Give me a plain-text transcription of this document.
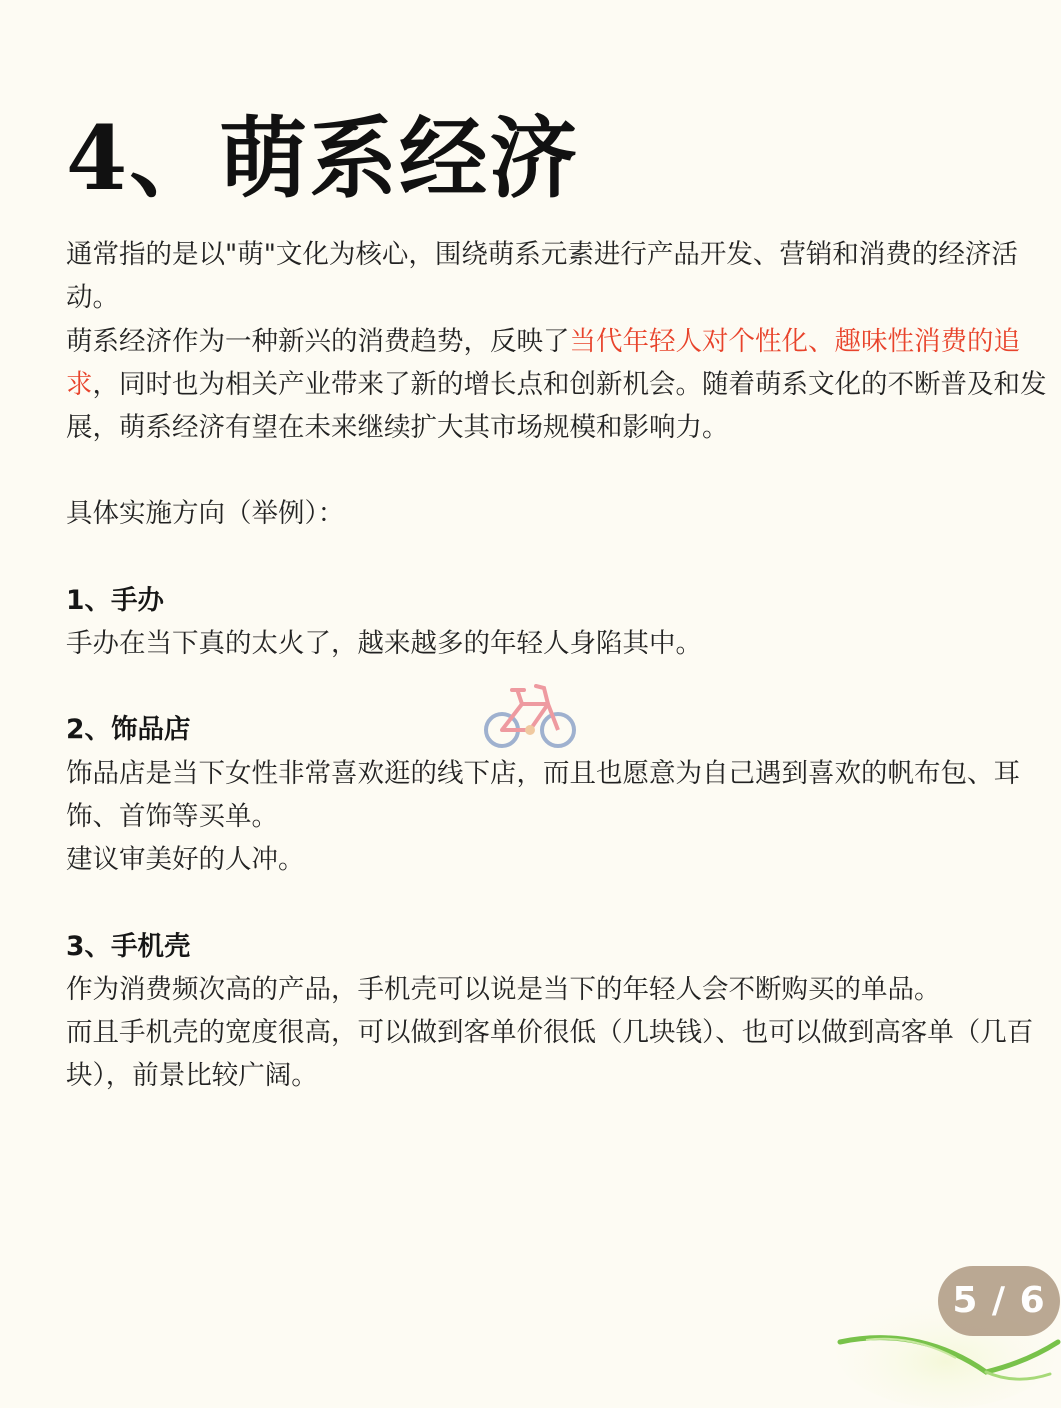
4、萌系经济

通常指的是以"萌"文化为核心，围绕萌系元素进行产品开发、营销和消费的经济活动。

萌系经济作为一种新兴的消费趋势，反映了当代年轻人对个性化、趣味性消费的追求，同时也为相关产业带来了新的增长点和创新机会。随着萌系文化的不断普及和发展，萌系经济有望在未来继续扩大其市场规模和影响力。

具体实施方向（举例）：

1、手办

手办在当下真的太火了，越来越多的年轻人身陷其中。

2、饰品店

饰品店是当下女性非常喜欢逛的线下店，而且也愿意为自己遇到喜欢的帆布包、耳饰、首饰等买单。

建议审美好的人冲。

3、手机壳

作为消费频次高的产品，手机壳可以说是当下的年轻人会不断购买的单品。

而且手机壳的宽度很高，可以做到客单价很低（几块钱）、也可以做到高客单（几百块），前景比较广阔。

5 / 6
